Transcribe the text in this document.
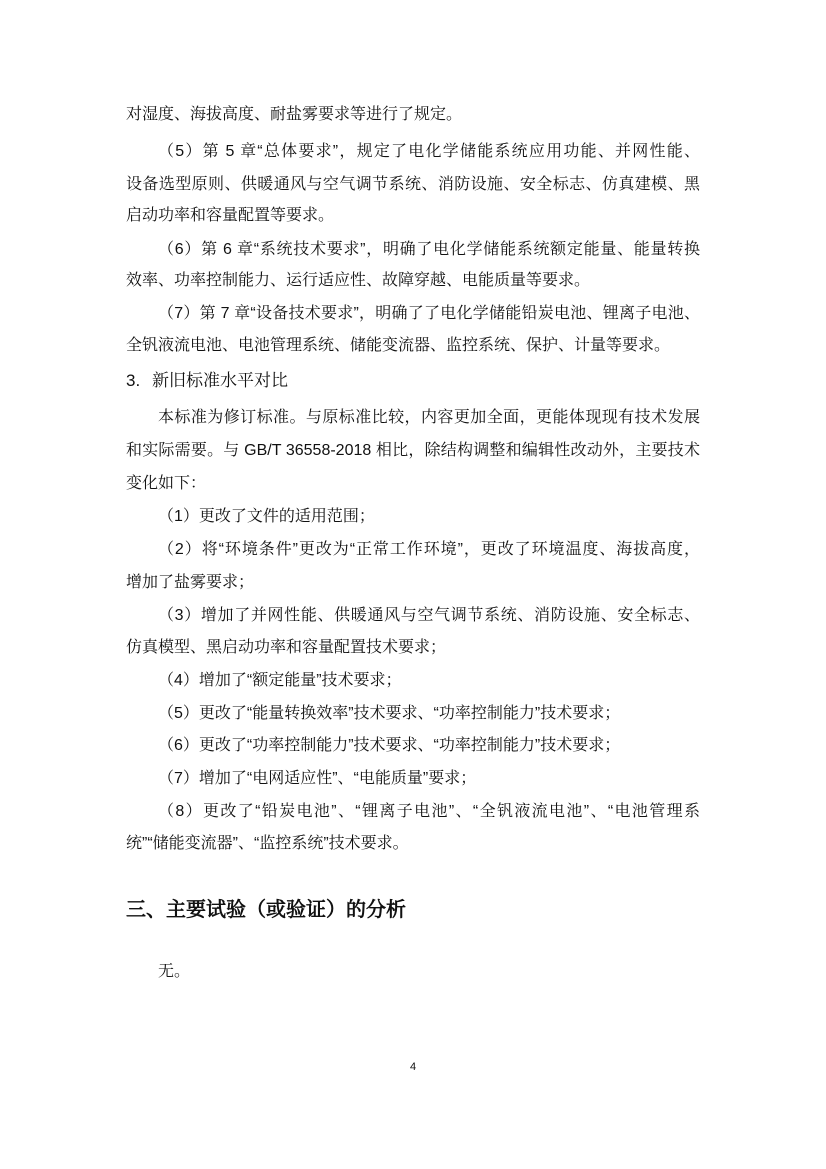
对湿度、海拔高度、耐盐雾要求等进行了规定。
（5）第 5 章“总体要求”，规定了电化学储能系统应用功能、并网性能、
设备选型原则、供暖通风与空气调节系统、消防设施、安全标志、仿真建模、黑
启动功率和容量配置等要求。
（6）第 6 章“系统技术要求”，明确了电化学储能系统额定能量、能量转换
效率、功率控制能力、运行适应性、故障穿越、电能质量等要求。
（7）第 7 章“设备技术要求”，明确了了电化学储能铅炭电池、锂离子电池、
全钒液流电池、电池管理系统、储能变流器、监控系统、保护、计量等要求。
3. 新旧标准水平对比
本标准为修订标准。与原标准比较，内容更加全面，更能体现现有技术发展
和实际需要。与 GB/T 36558-2018 相比，除结构调整和编辑性改动外，主要技术
变化如下：
（1）更改了文件的适用范围；
（2）将“环境条件”更改为“正常工作环境”，更改了环境温度、海拔高度，
增加了盐雾要求；
（3）增加了并网性能、供暖通风与空气调节系统、消防设施、安全标志、
仿真模型、黑启动功率和容量配置技术要求；
（4）增加了“额定能量”技术要求；
（5）更改了“能量转换效率”技术要求、“功率控制能力”技术要求；
（6）更改了“功率控制能力”技术要求、“功率控制能力”技术要求；
（7）增加了“电网适应性”、“电能质量”要求；
（8）更改了“铅炭电池”、“锂离子电池”、“全钒液流电池”、“电池管理系
统”“储能变流器”、“监控系统”技术要求。
三、主要试验（或验证）的分析
无。
4
